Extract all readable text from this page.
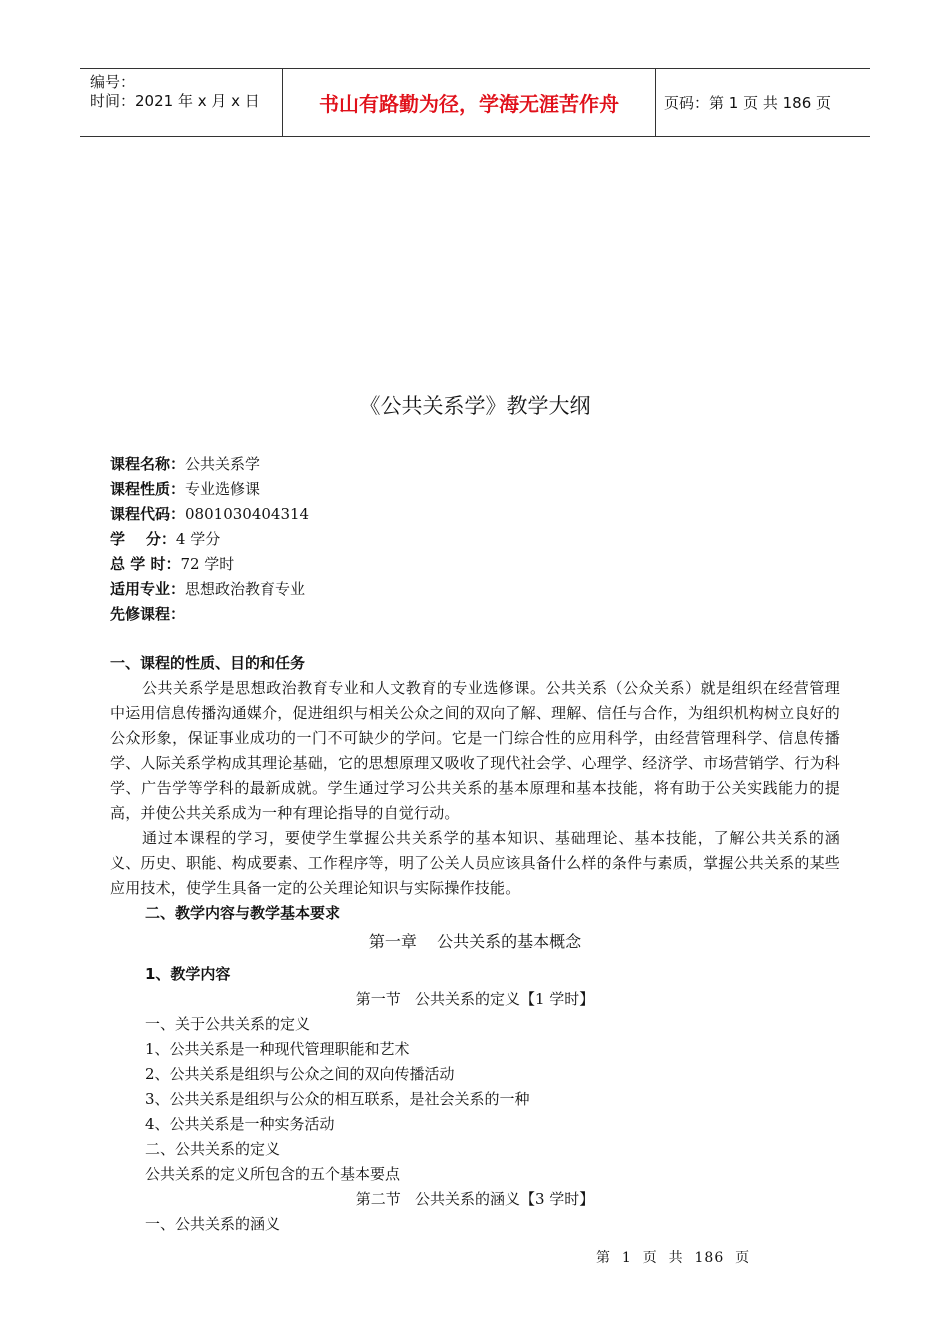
编号：
时间：2021 年 x 月 x 日	书山有路勤为径，学海无涯苦作舟	页码：第 1 页 共 186 页
《公共关系学》教学大纲
课程名称：公共关系学
课程性质：专业选修课
课程代码：0801030404314
学    分：4 学分
总 学 时：72 学时
适用专业：思想政治教育专业
先修课程：
一、课程的性质、目的和任务
公共关系学是思想政治教育专业和人文教育的专业选修课。公共关系（公众关系）就是组织在经营管理中运用信息传播沟通媒介，促进组织与相关公众之间的双向了解、理解、信任与合作，为组织机构树立良好的公众形象，保证事业成功的一门不可缺少的学问。它是一门综合性的应用科学，由经营管理科学、信息传播学、人际关系学构成其理论基础，它的思想原理又吸收了现代社会学、心理学、经济学、市场营销学、行为科学、广告学等学科的最新成就。学生通过学习公共关系的基本原理和基本技能，将有助于公关实践能力的提高，并使公共关系成为一种有理论指导的自觉行动。
通过本课程的学习，要使学生掌握公共关系学的基本知识、基础理论、基本技能，了解公共关系的涵义、历史、职能、构成要素、工作程序等，明了公关人员应该具备什么样的条件与素质，掌握公共关系的某些应用技术，使学生具备一定的公关理论知识与实际操作技能。
二、教学内容与教学基本要求
第一章    公共关系的基本概念
1、教学内容
第一节   公共关系的定义【1 学时】
一、关于公共关系的定义
1、公共关系是一种现代管理职能和艺术
2、公共关系是组织与公众之间的双向传播活动
3、公共关系是组织与公众的相互联系，是社会关系的一种
4、公共关系是一种实务活动
二、公共关系的定义
公共关系的定义所包含的五个基本要点
第二节   公共关系的涵义【3 学时】
一、公共关系的涵义
第  1  页  共  186  页
